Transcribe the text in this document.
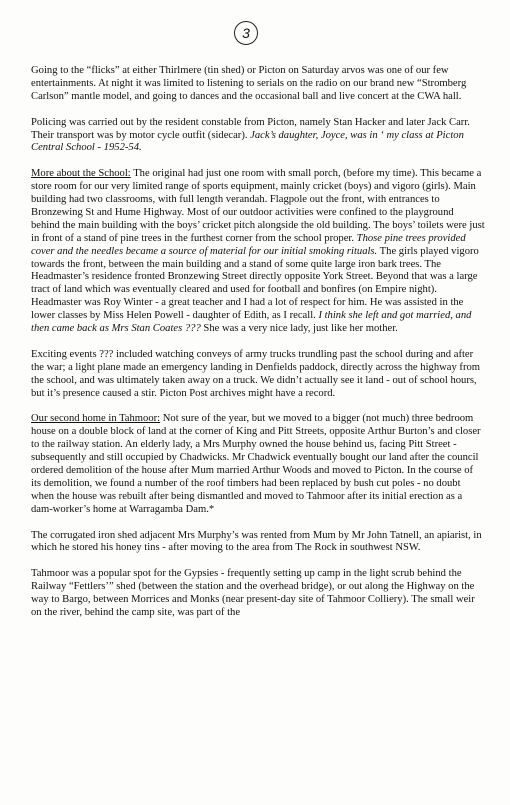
3

Going to the “flicks” at either Thirlmere (tin shed) or Picton on Saturday arvos was one of our few entertainments. At night it was limited to listening to serials on the radio on our brand new “Stromberg Carlson” mantle model, and going to dances and the occasional ball and live concert at the CWA hall.

Policing was carried out by the resident constable from Picton, namely Stan Hacker and later Jack Carr. Their transport was by motor cycle outfit (sidecar). Jack’s daughter, Joyce, was in ‘ my class at Picton Central School - 1952-54.

More about the School: The original had just one room with small porch, (before my time). This became a store room for our very limited range of sports equipment, mainly cricket (boys) and vigoro (girls). Main building had two classrooms, with full length verandah. Flagpole out the front, with entrances to Bronzewing St and Hume Highway. Most of our outdoor activities were confined to the playground behind the main building with the boys’ cricket pitch alongside the old building. The boys’ toilets were just in front of a stand of pine trees in the furthest corner from the school proper. Those pine trees provided cover and the needles became a source of material for our initial smoking rituals. The girls played vigoro towards the front, between the main building and a stand of some quite large iron bark trees. The Headmaster’s residence fronted Bronzewing Street directly opposite York Street. Beyond that was a large tract of land which was eventually cleared and used for football and bonfires (on Empire night). Headmaster was Roy Winter - a great teacher and I had a lot of respect for him. He was assisted in the lower classes by Miss Helen Powell - daughter of Edith, as I recall. I think she left and got married, and then came back as Mrs Stan Coates ??? She was a very nice lady, just like her mother.

Exciting events ??? included watching conveys of army trucks trundling past the school during and after the war; a light plane made an emergency landing in Denfields paddock, directly across the highway from the school, and was ultimately taken away on a truck. We didn’t actually see it land - out of school hours, but it’s presence caused a stir. Picton Post archives might have a record.

Our second home in Tahmoor: Not sure of the year, but we moved to a bigger (not much) three bedroom house on a double block of land at the corner of King and Pitt Streets, opposite Arthur Burton’s and closer to the railway station. An elderly lady, a Mrs Murphy owned the house behind us, facing Pitt Street - subsequently and still occupied by Chadwicks. Mr Chadwick eventually bought our land after the council ordered demolition of the house after Mum married Arthur Woods and moved to Picton. In the course of its demolition, we found a number of the roof timbers had been replaced by bush cut poles - no doubt when the house was rebuilt after being dismantled and moved to Tahmoor after its initial erection as a dam-worker’s home at Warragamba Dam.*

The corrugated iron shed adjacent Mrs Murphy’s was rented from Mum by Mr John Tatnell, an apiarist, in which he stored his honey tins - after moving to the area from The Rock in southwest NSW.

Tahmoor was a popular spot for the Gypsies - frequently setting up camp in the light scrub behind the Railway “Fettlers’” shed (between the station and the overhead bridge), or out along the Highway on the way to Bargo, between Morrices and Monks (near present-day site of Tahmoor Colliery). The small weir on the river, behind the camp site, was part of the
